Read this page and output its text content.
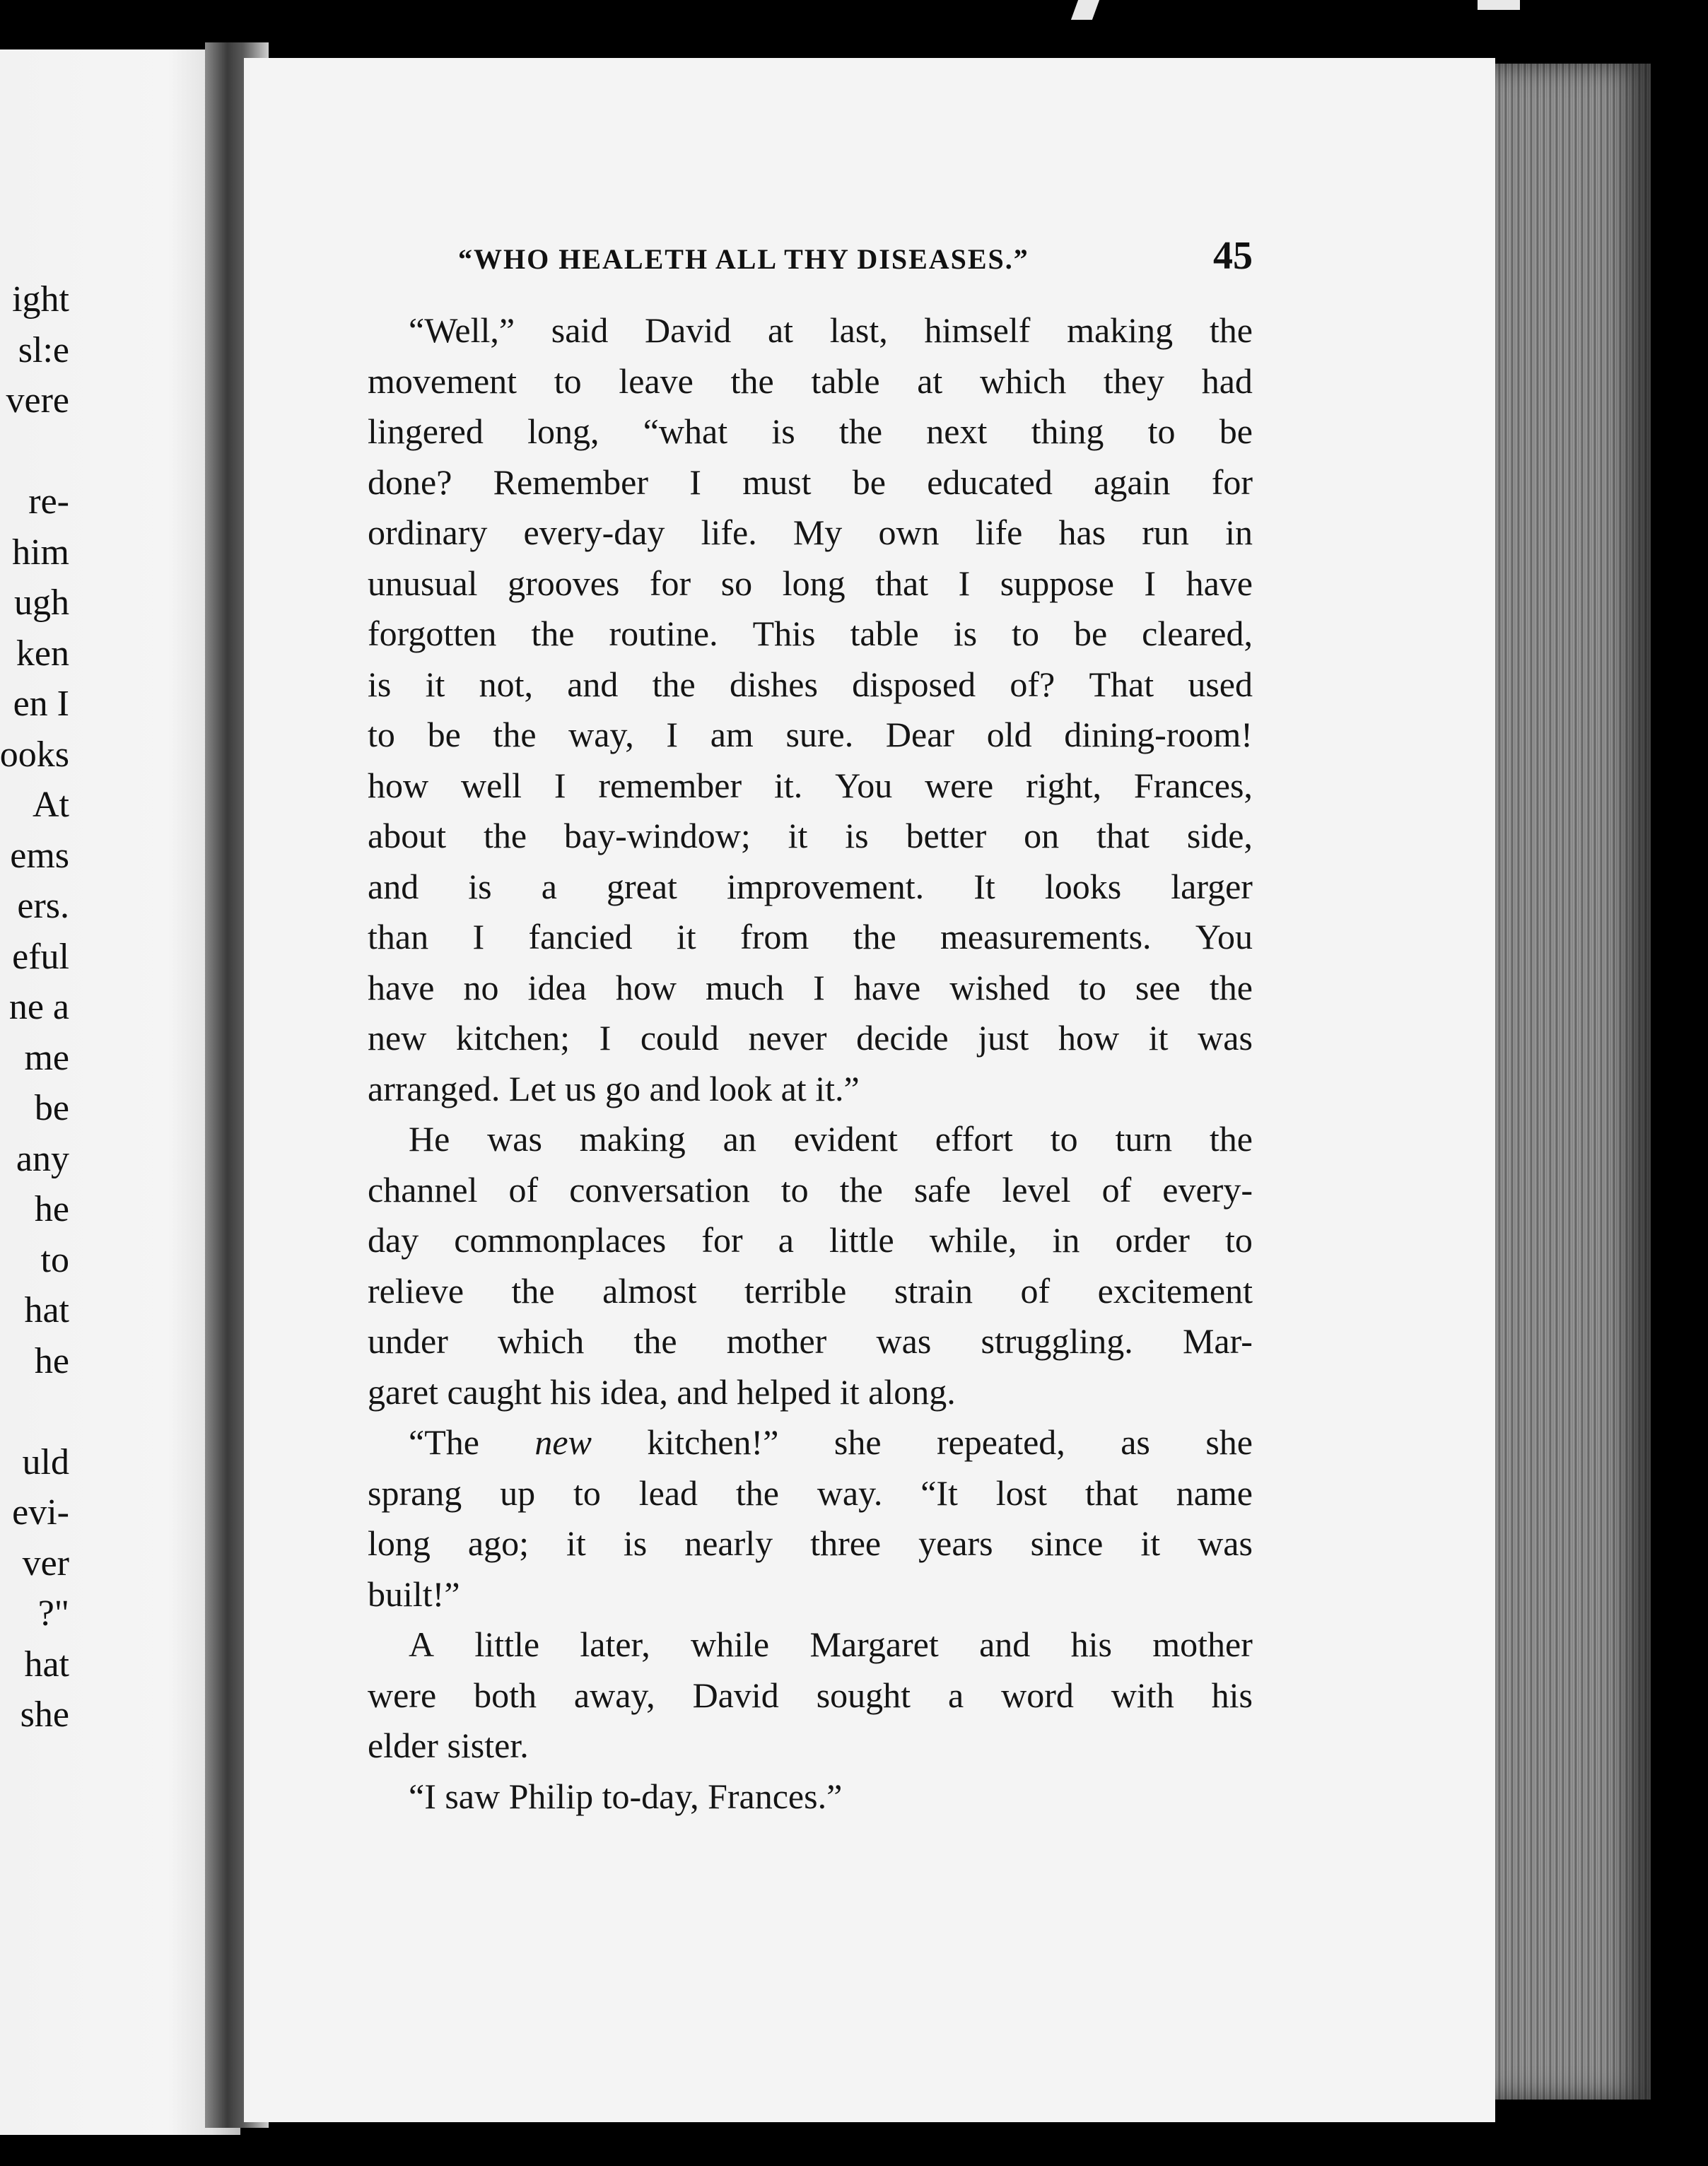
ight
sl:e
vere
re-
him
ugh
ken
en I
ooks
At
ems
ers.
eful
ne a
me
be
any
he
to
hat
he
uld
evi-
ver
?"
hat
she
“WHO HEALETH ALL THY DISEASES.”	45
“Well,” said David at last, himself making the
movement to leave the table at which they had
lingered long, “what is the next thing to be
done? Remember I must be educated again for
ordinary every-day life. My own life has run in
unusual grooves for so long that I suppose I have
forgotten the routine. This table is to be cleared,
is it not, and the dishes disposed of? That used
to be the way, I am sure. Dear old dining-room!
how well I remember it. You were right, Frances,
about the bay-window; it is better on that side,
and is a great improvement. It looks larger
than I fancied it from the measurements. You
have no idea how much I have wished to see the
new kitchen; I could never decide just how it was
arranged. Let us go and look at it.”
He was making an evident effort to turn the
channel of conversation to the safe level of every-
day commonplaces for a little while, in order to
relieve the almost terrible strain of excitement
under which the mother was struggling. Mar-
garet caught his idea, and helped it along.
“The new kitchen!” she repeated, as she
sprang up to lead the way. “It lost that name
long ago; it is nearly three years since it was
built!”
A little later, while Margaret and his mother
were both away, David sought a word with his
elder sister.
“I saw Philip to-day, Frances.”
